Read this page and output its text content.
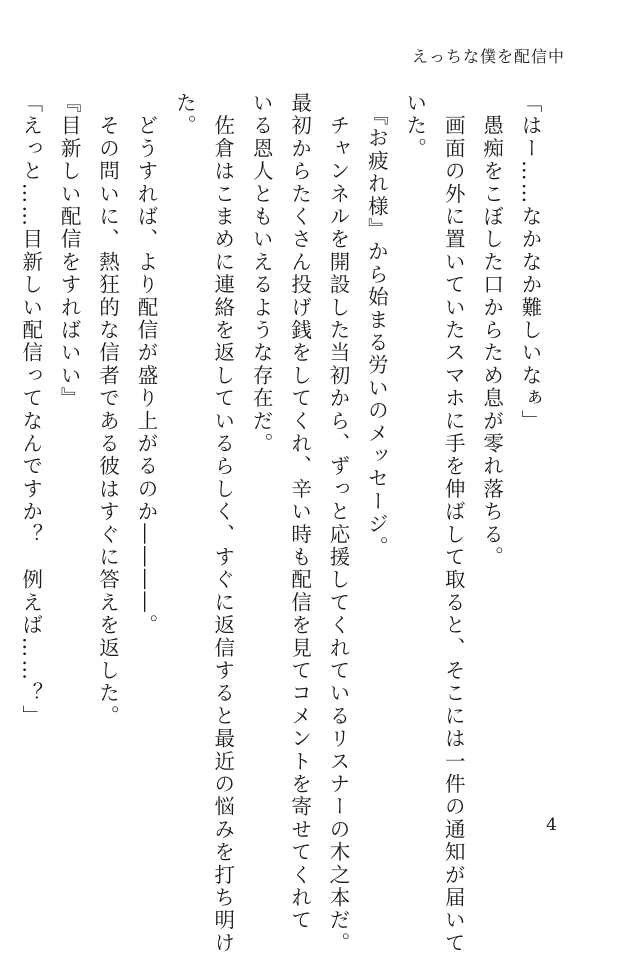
えっちな僕を配信中
「はー……なかなか難しいなぁ」
　愚痴をこぼした口からため息が零れ落ちる。
　画面の外に置いていたスマホに手を伸ばして取ると、そこには一件の通知が届いて
いた。
　『お疲れ様』から始まる労いのメッセージ。
　チャンネルを開設した当初から、ずっと応援してくれているリスナーの木之本だ。
最初からたくさん投げ銭をしてくれ、辛い時も配信を見てコメントを寄せてくれて
いる恩人ともいえるような存在だ。
　佐倉はこまめに連絡を返しているらしく、すぐに返信すると最近の悩みを打ち明け
た。
　どうすれば、より配信が盛り上がるのか――――。
　その問いに、熱狂的な信者である彼はすぐに答えを返した。
『目新しい配信をすればいい』
「えっと……目新しい配信ってなんですか？　例えば……？」
4
